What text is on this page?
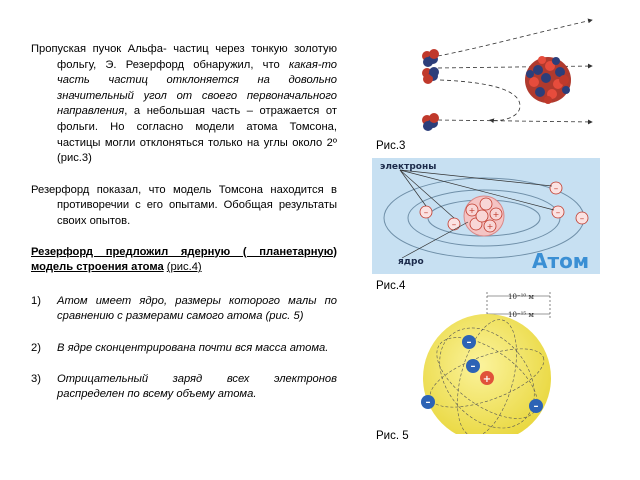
Пропуская пучок Альфа- частиц через тонкую золотую фольгу, Э. Резерфорд обнаружил, что какая-то часть частиц отклоняется на довольно значительный угол от своего первоначального направления, а небольшая часть – отражается от фольги. Но согласно модели атома Томсона, частицы могли отклоняться только на углы около 2º (рис.3)

Резерфорд показал, что модель Томсона находится в противоречии с его опытами. Обобщая результаты своих опытов.

Резерфорд предложил ядерную ( планетарную) модель строения атома (рис.4)

1) Атом имеет ядро, размеры которого малы по сравнению с размерами самого атома (рис. 5)
2) В ядре сконцентрирована почти вся масса атома.
3) Отрицательный заряд всех электронов распределен по всему объему атома.
Рис.3
+ +
+
–
–
–
–
–
электроны
ядро	Атом
Рис.4
10⁻¹⁰ м
10⁻¹⁵ м
+
–
–
–	–
Рис. 5
